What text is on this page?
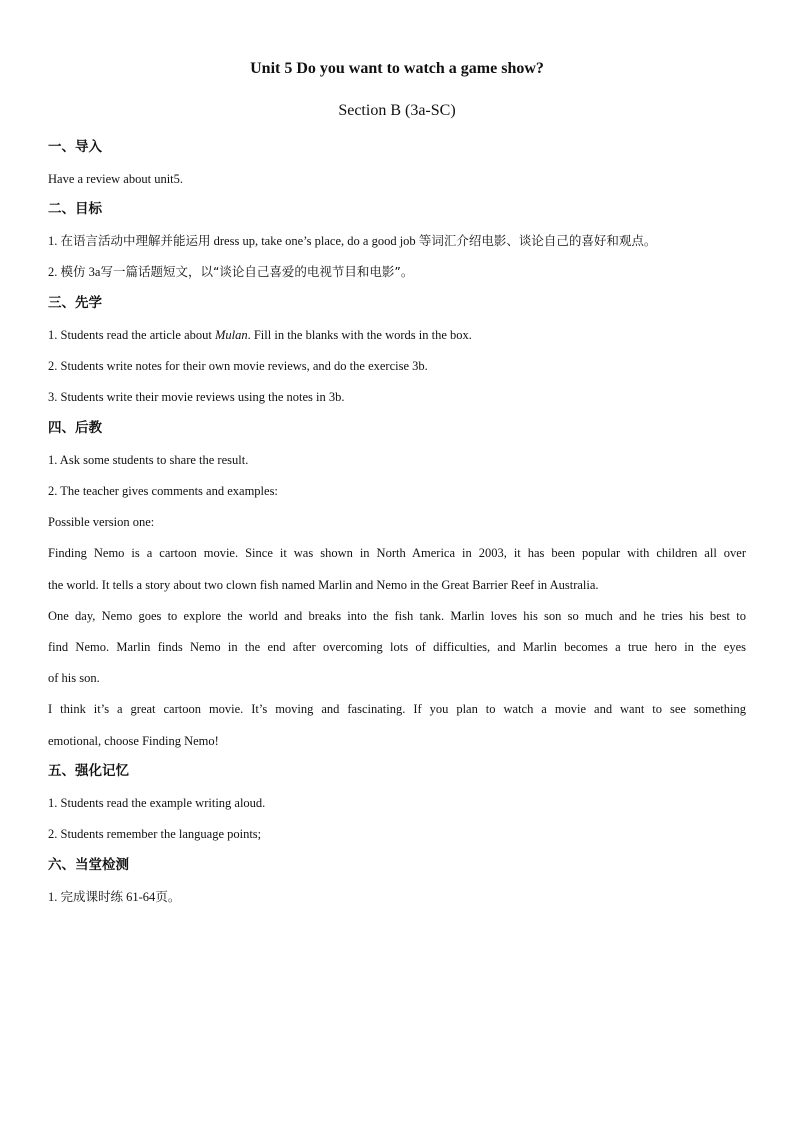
Unit 5 Do you want to watch a game show?
Section B (3a-SC)
一、导入
Have a review about unit5.
二、目标
1. 在语言活动中理解并能运用 dress up, take one’s place, do a good job 等词汇介绍电影、谈论自己的喜好和观点。
2. 模仿 3a写一篇话题短文，以“谈论自己喜爱的电视节目和电影”。
三、先学
1. Students read the article about Mulan. Fill in the blanks with the words in the box.
2. Students write notes for their own movie reviews, and do the exercise 3b.
3. Students write their movie reviews using the notes in 3b.
四、后教
1. Ask some students to share the result.
2. The teacher gives comments and examples:
Possible version one:
Finding Nemo is a cartoon movie. Since it was shown in North America in 2003, it has been popular with children all over
the world. It tells a story about two clown fish named Marlin and Nemo in the Great Barrier Reef in Australia.
One day, Nemo goes to explore the world and breaks into the fish tank. Marlin loves his son so much and he tries his best to
find Nemo. Marlin finds Nemo in the end after overcoming lots of difficulties, and Marlin becomes a true hero in the eyes
of his son.
I think it’s a great cartoon movie. It’s moving and fascinating. If you plan to watch a movie and want to see something
emotional, choose Finding Nemo!
五、强化记忆
1. Students read the example writing aloud.
2. Students remember the language points;
六、当堂检测
1. 完成课时练 61-64页。
